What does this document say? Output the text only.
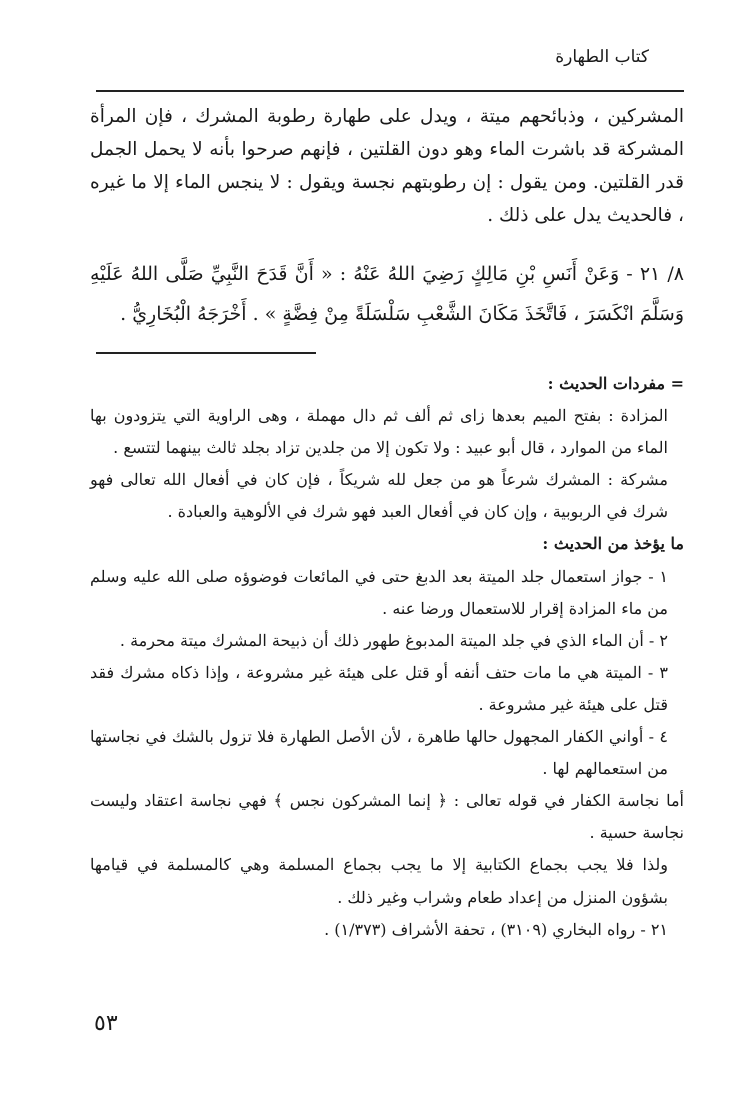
كتاب الطهارة

المشركين ، وذبائحهم ميتة ، ويدل على طهارة رطوبة المشرك ، فإن المرأة المشركة قد باشرت الماء وهو دون القلتين ، فإنهم صرحوا بأنه لا يحمل الجمل قدر القلتين. ومن يقول : إن رطوبتهم نجسة ويقول : لا ينجس الماء إلا ما غيره ، فالحديث يدل على ذلك .

٨/ ٢١ - وَعَنْ أَنَسِ بْنِ مَالِكٍ رَضِيَ اللهُ عَنْهُ : « أَنَّ قَدَحَ النَّبِيِّ صَلَّى اللهُ عَلَيْهِ وَسَلَّمَ انْكَسَرَ ، فَاتَّخَذَ مَكَانَ الشَّعْبِ سَلْسَلَةً مِنْ فِضَّةٍ » . أَخْرَجَهُ الْبُخَارِيُّ .

= مفردات الحديث :

المزادة : بفتح الميم بعدها زاى ثم ألف ثم دال مهملة ، وهى الراوية التي يتزودون بها الماء من الموارد ، قال أبو عبيد : ولا تكون إلا من جلدين تزاد بجلد ثالث بينهما لتتسع .

مشركة : المشرك شرعاً هو من جعل لله شريكاً ، فإن كان في أفعال الله تعالى فهو شرك في الربوبية ، وإن كان في أفعال العبد فهو شرك في الألوهية والعبادة .

ما يؤخذ من الحديث :

١ - جواز استعمال جلد الميتة بعد الدبغ حتى في المائعات فوضوؤه صلى الله عليه وسلم من ماء المزادة إقرار للاستعمال ورضا عنه .

٢ - أن الماء الذي في جلد الميتة المدبوغ طهور ذلك أن ذبيحة المشرك ميتة محرمة .

٣ - الميتة هي ما مات حتف أنفه أو قتل على هيئة غير مشروعة ، وإذا ذكاه مشرك فقد قتل على هيئة غير مشروعة .

٤ - أواني الكفار المجهول حالها طاهرة ، لأن الأصل الطهارة فلا تزول بالشك في نجاستها من استعمالهم لها .

أما نجاسة الكفار في قوله تعالى : ﴿ إنما المشركون نجس ﴾ فهي نجاسة اعتقاد وليست نجاسة حسية .

ولذا فلا يجب بجماع الكتابية إلا ما يجب بجماع المسلمة وهي كالمسلمة في قيامها بشؤون المنزل من إعداد طعام وشراب وغير ذلك .

٢١ - رواه البخاري (٣١٠٩) ، تحفة الأشراف (١/٣٧٣) .

٥٣
